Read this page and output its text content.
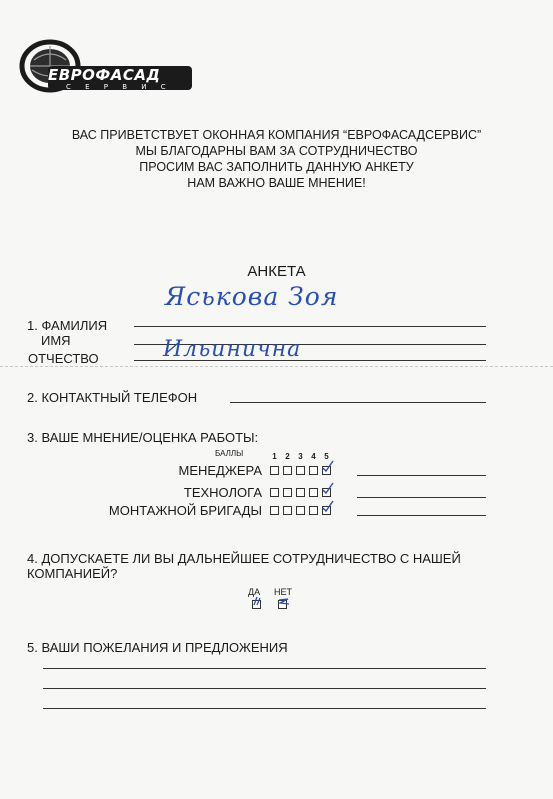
ЕВРОФАСАД
С Е Р В И С
ВАС ПРИВЕТСТВУЕТ ОКОННАЯ КОМПАНИЯ “ЕВРОФАСАДСЕРВИС”
МЫ БЛАГОДАРНЫ ВАМ ЗА СОТРУДНИЧЕСТВО
ПРОСИМ ВАС ЗАПОЛНИТЬ ДАННУЮ АНКЕТУ
НАМ ВАЖНО ВАШЕ МНЕНИЕ!
АНКЕТА
Яськова Зоя
1. ФАМИЛИЯ
ИМЯ	Ильинична
ОТЧЕСТВО
2. КОНТАКТНЫЙ ТЕЛЕФОН
3. ВАШЕ МНЕНИЕ/ОЦЕНКА РАБОТЫ:
БАЛЛЫ	1 2 3 4 5
МЕНЕДЖЕРА
ТЕХНОЛОГА
МОНТАЖНОЙ БРИГАДЫ
4. ДОПУСКАЕТЕ ЛИ ВЫ ДАЛЬНЕЙШЕЕ СОТРУДНИЧЕСТВО С НАШЕЙ
КОМПАНИЕЙ?
ДА НЕТ
5. ВАШИ ПОЖЕЛАНИЯ И ПРЕДЛОЖЕНИЯ
